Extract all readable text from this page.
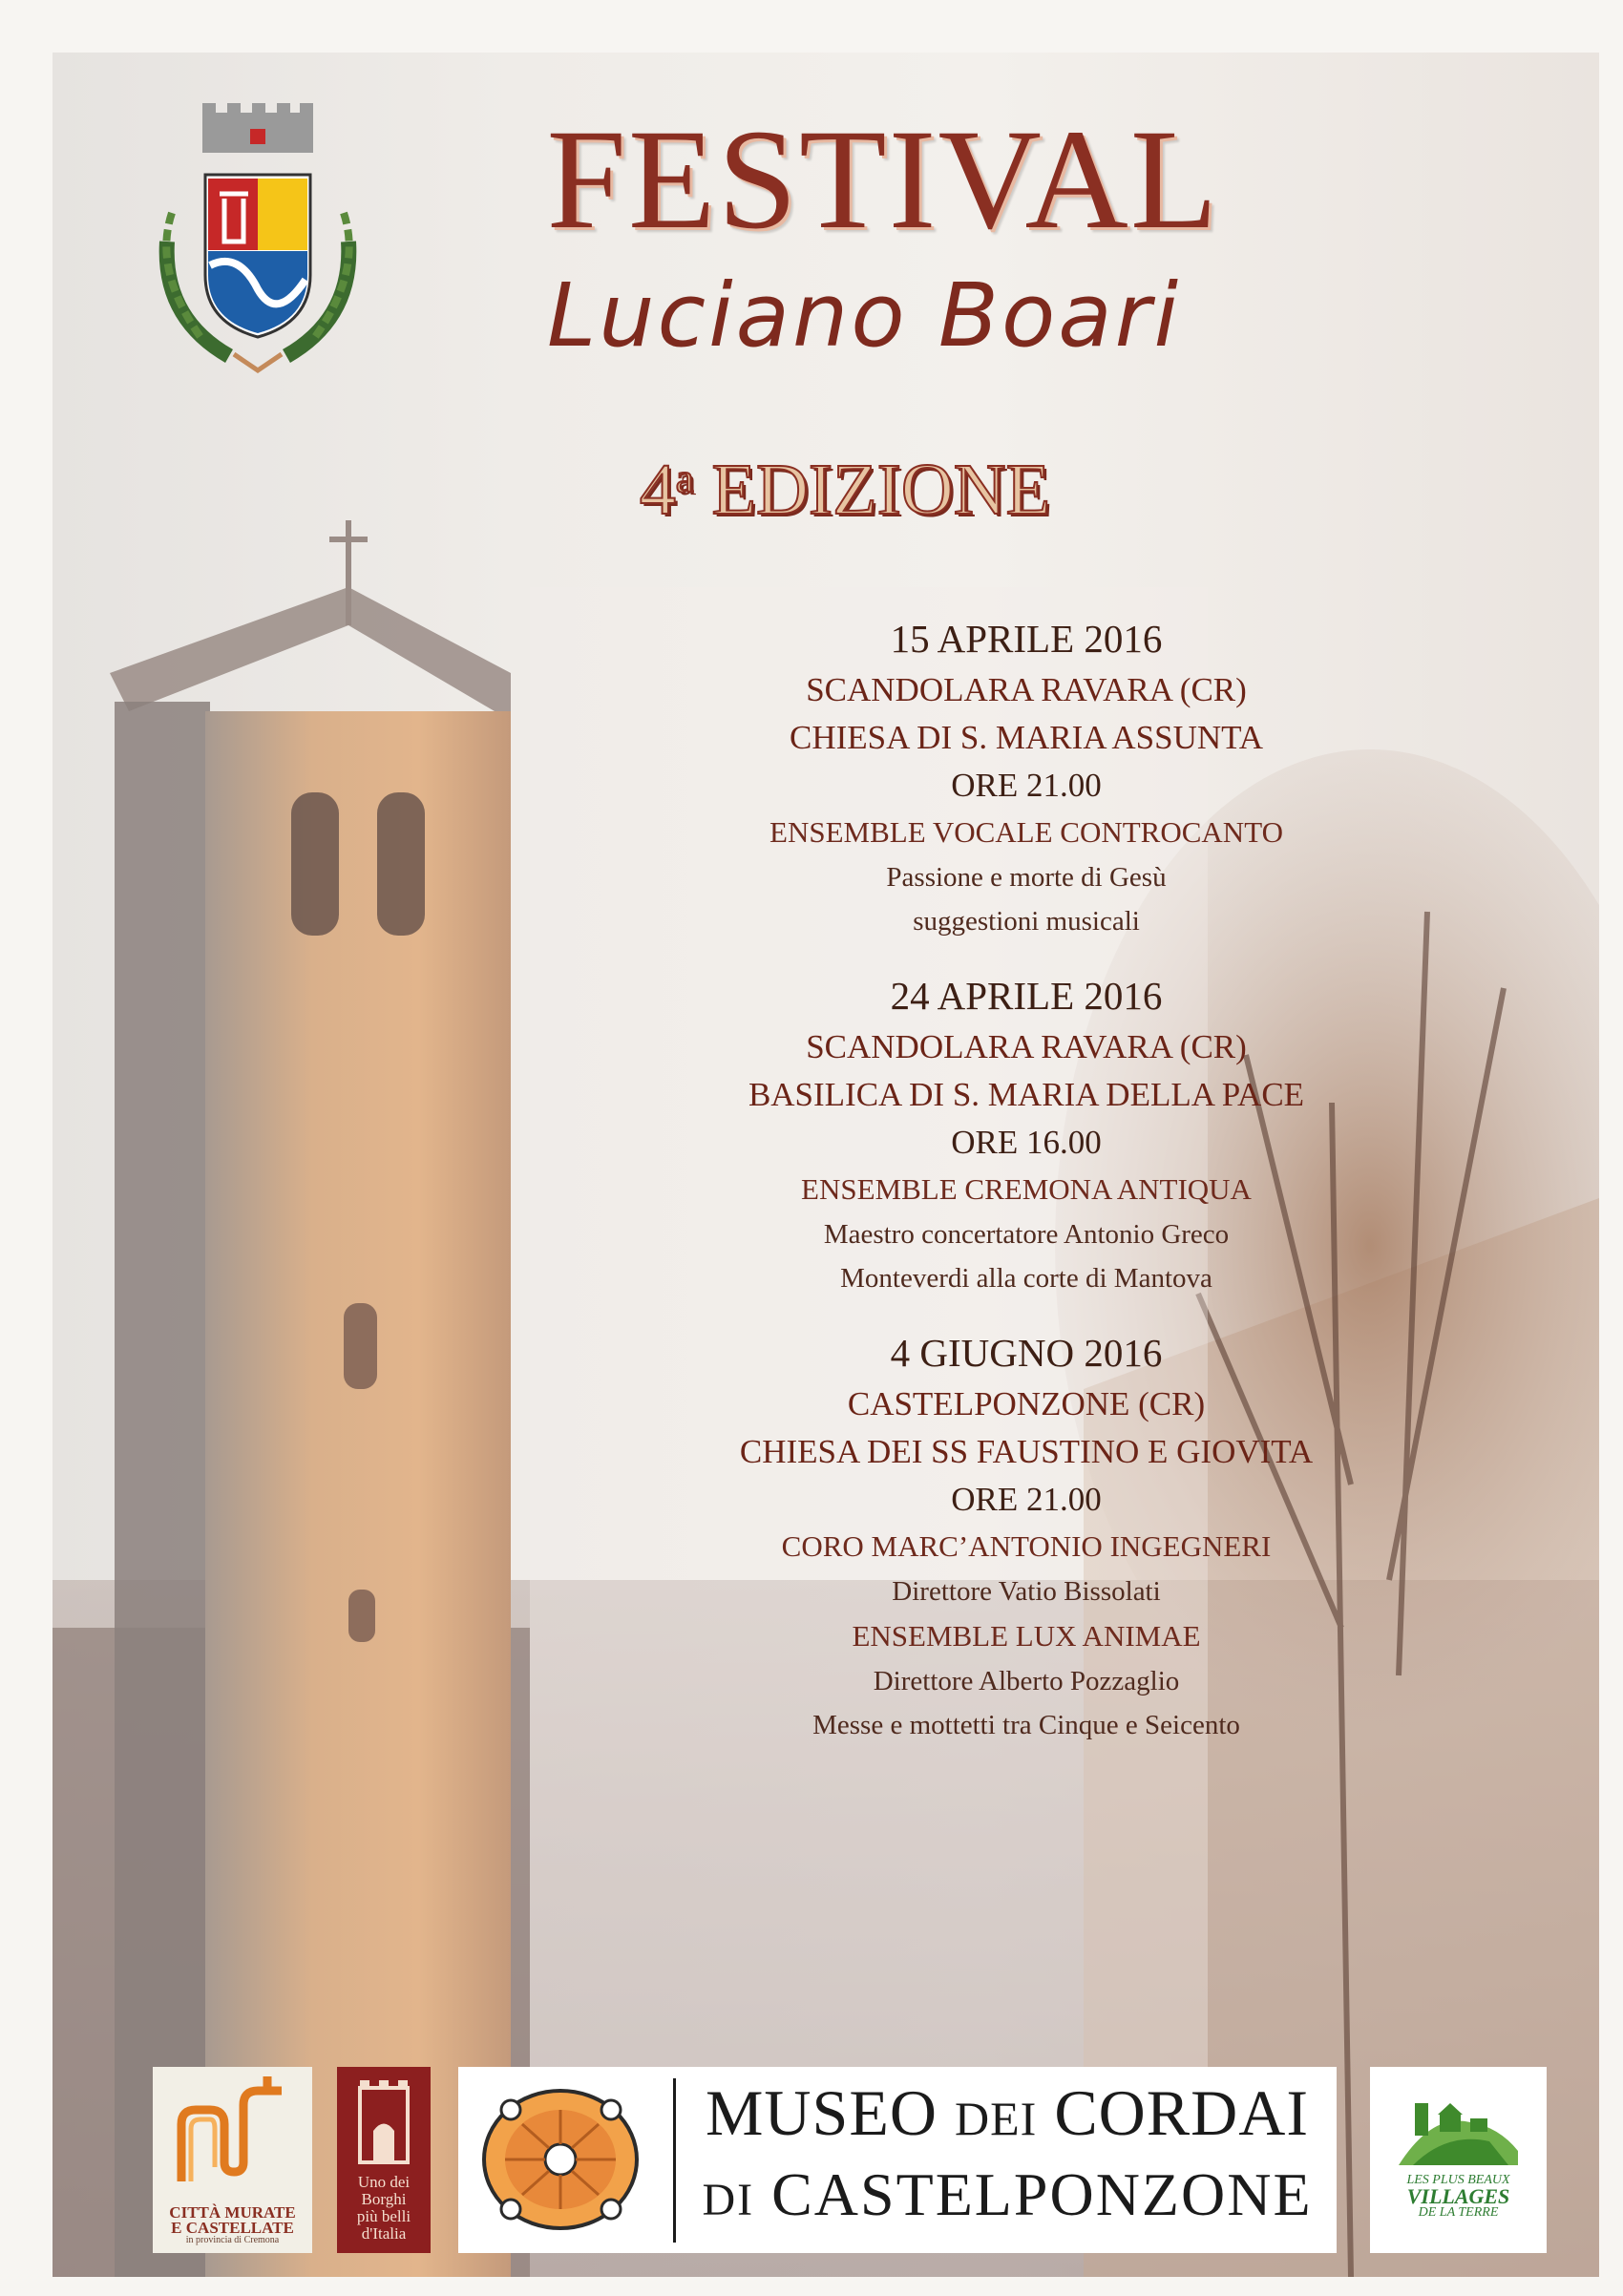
FESTIVAL
Luciano Boari
4$^a$ EDIZIONE
15 APRILE 2016
SCANDOLARA RAVARA (CR)
CHIESA DI S. MARIA ASSUNTA
ORE 21.00
ENSEMBLE VOCALE CONTROCANTO
Passione e morte di Gesù
suggestioni musicali
24 APRILE 2016
SCANDOLARA RAVARA (CR)
BASILICA DI S. MARIA DELLA PACE
ORE 16.00
ENSEMBLE CREMONA ANTIQUA
Maestro concertatore Antonio Greco
Monteverdi alla corte di Mantova
4 GIUGNO 2016
CASTELPONZONE (CR)
CHIESA DEI SS FAUSTINO E GIOVITA
ORE 21.00
CORO MARC’ANTONIO INGEGNERI
Direttore Vatio Bissolati
ENSEMBLE LUX ANIMAE
Direttore Alberto Pozzaglio
Messe e mottetti tra Cinque e Seicento
CITTÀ MURATE
E CASTELLATE
in provincia di Cremona
Uno dei
Borghi
più belli
d'Italia
MUSEO DEI CORDAI
DI CASTELPONZONE	LES PLUS BEAUX
VILLAGES
DE LA TERRE
